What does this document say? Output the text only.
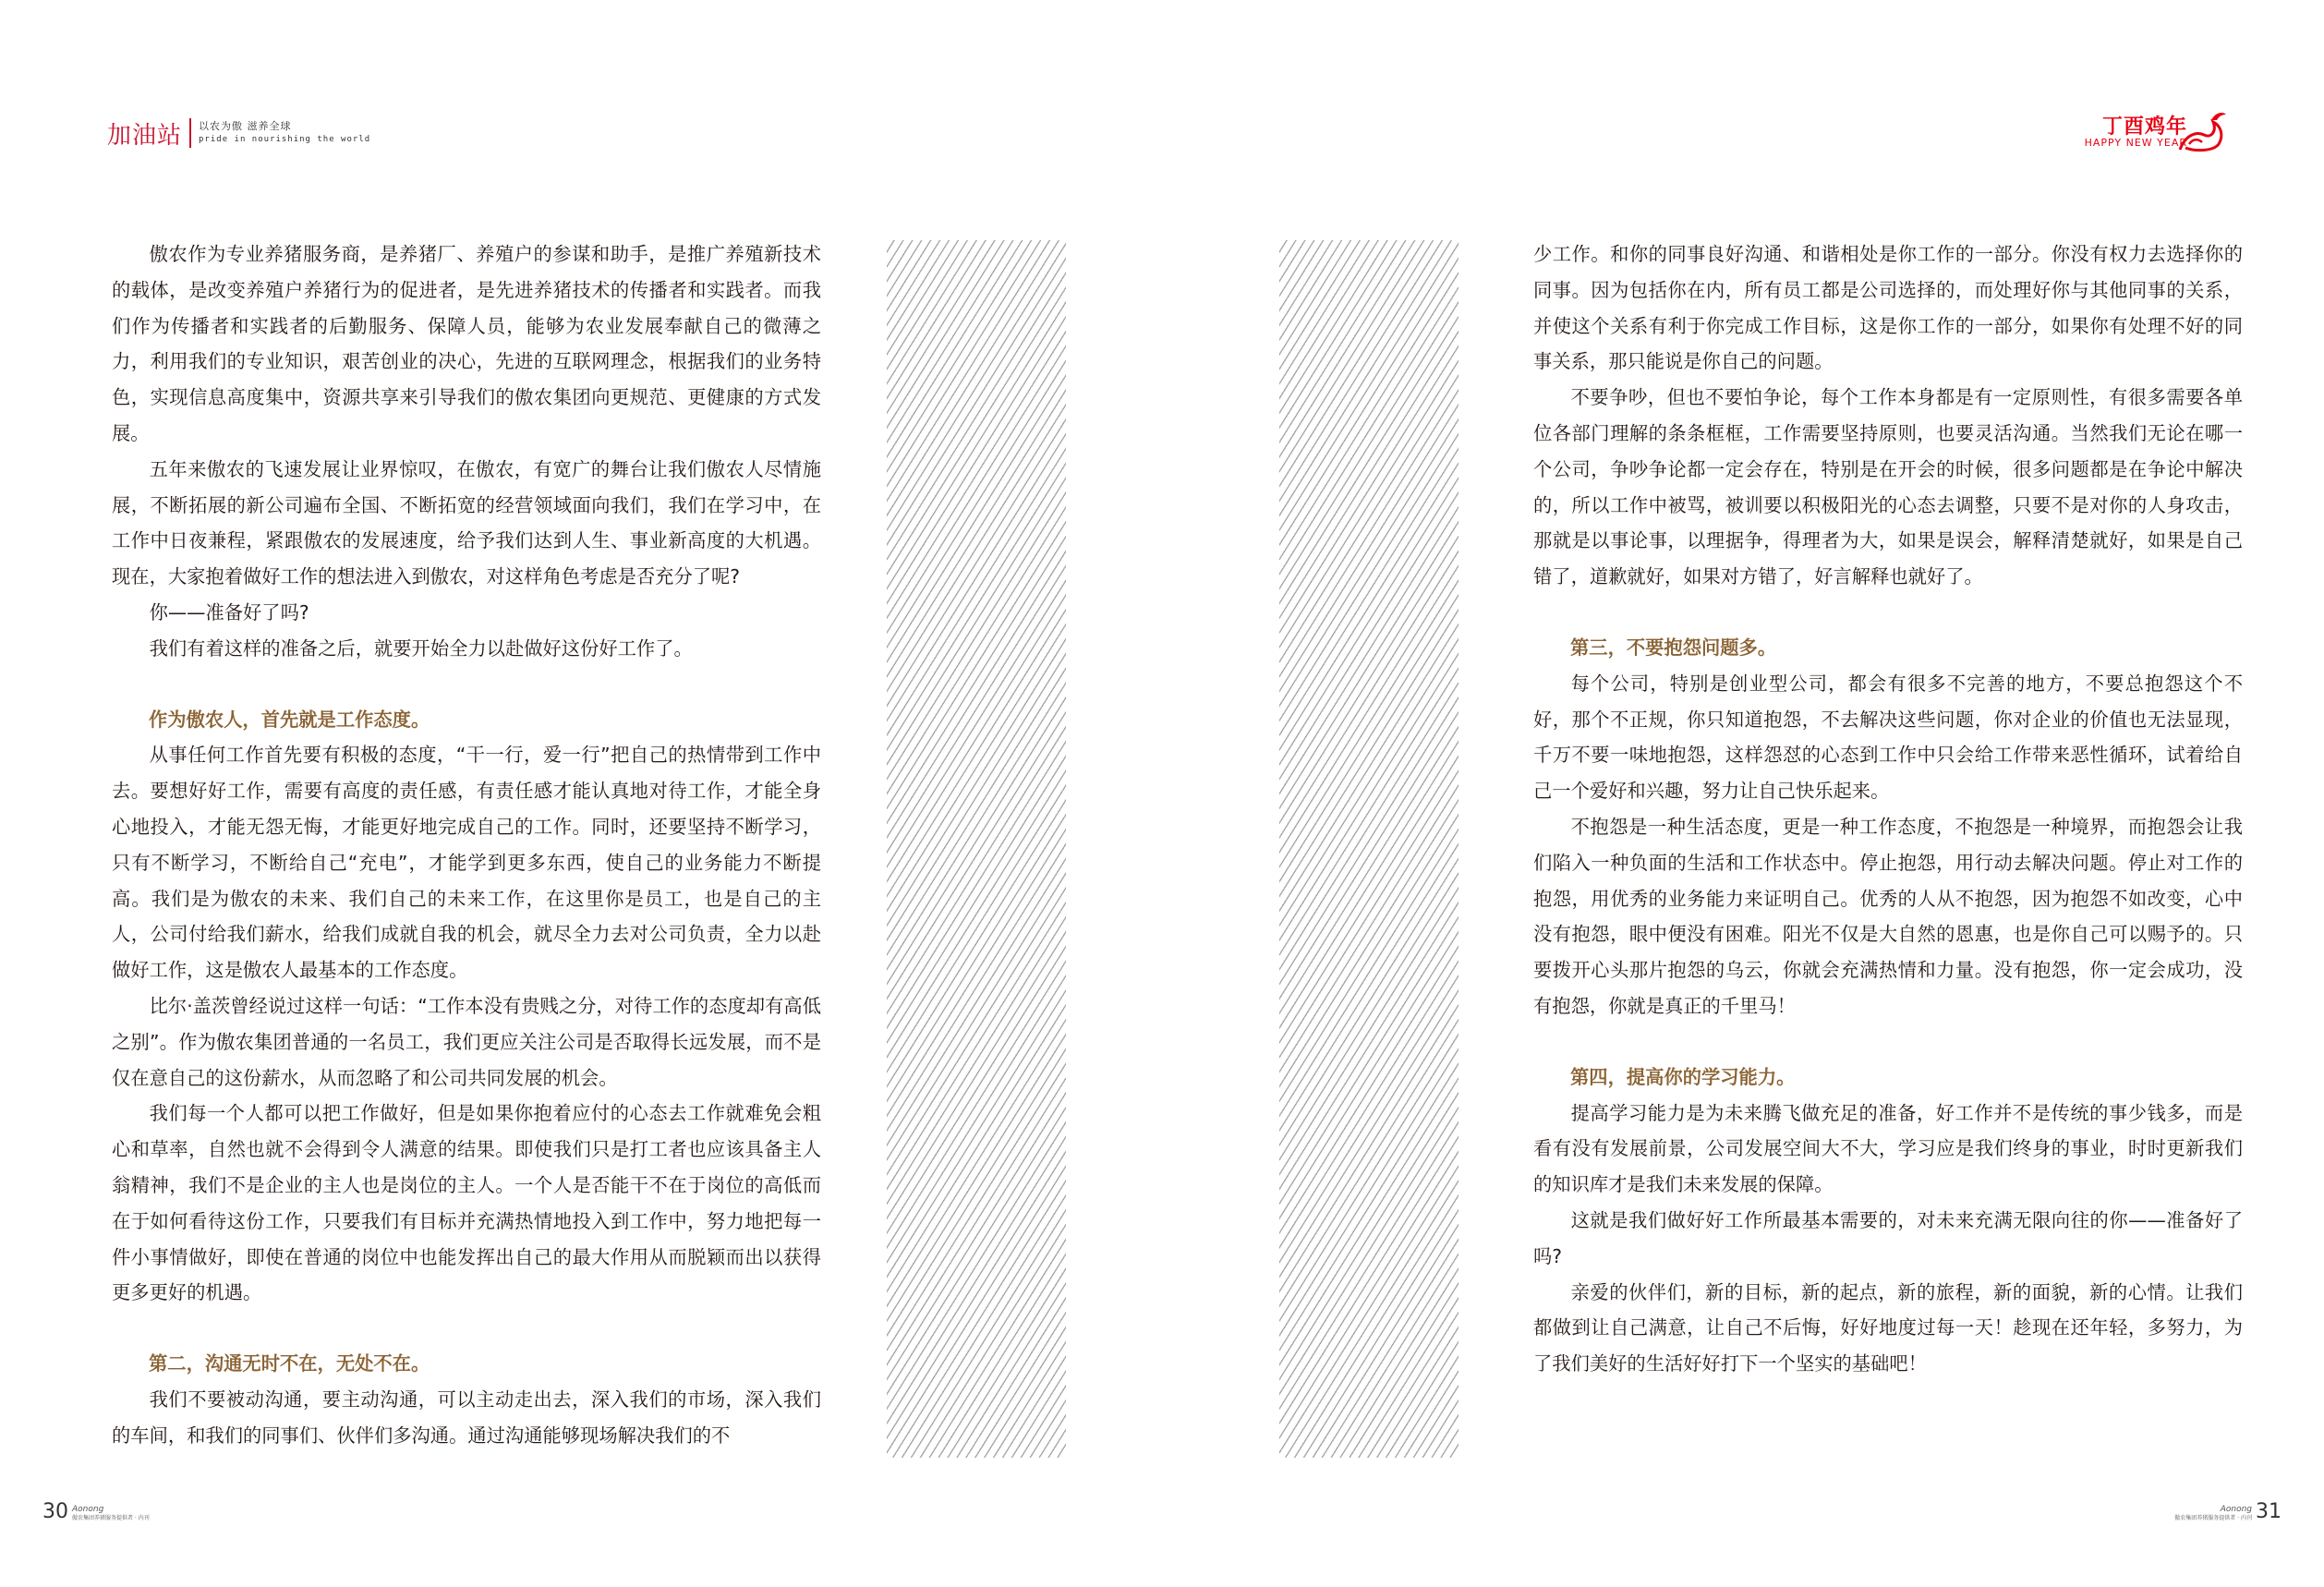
加油站 以农为傲 滋养全球
pride in nourishing the world
丁酉鸡年
HAPPY NEW YEAR

傲农作为专业养猪服务商，是养猪厂、养殖户的参谋和助手，是推广养殖新技术的载体，是改变养殖户养猪行为的促进者，是先进养猪技术的传播者和实践者。而我们作为传播者和实践者的后勤服务、保障人员，能够为农业发展奉献自己的微薄之力，利用我们的专业知识，艰苦创业的决心，先进的互联网理念，根据我们的业务特色，实现信息高度集中，资源共享来引导我们的傲农集团向更规范、更健康的方式发展。

五年来傲农的飞速发展让业界惊叹，在傲农，有宽广的舞台让我们傲农人尽情施展，不断拓展的新公司遍布全国、不断拓宽的经营领域面向我们，我们在学习中，在工作中日夜兼程，紧跟傲农的发展速度，给予我们达到人生、事业新高度的大机遇。现在，大家抱着做好工作的想法进入到傲农，对这样角色考虑是否充分了呢?

你——准备好了吗?

我们有着这样的准备之后，就要开始全力以赴做好这份好工作了。

作为傲农人，首先就是工作态度。

从事任何工作首先要有积极的态度，“干一行，爱一行”把自己的热情带到工作中去。要想好好工作，需要有高度的责任感，有责任感才能认真地对待工作，才能全身心地投入，才能无怨无悔，才能更好地完成自己的工作。同时，还要坚持不断学习，只有不断学习，不断给自己“充电”，才能学到更多东西，使自己的业务能力不断提高。我们是为傲农的未来、我们自己的未来工作，在这里你是员工，也是自己的主人，公司付给我们薪水，给我们成就自我的机会，就尽全力去对公司负责，全力以赴做好工作，这是傲农人最基本的工作态度。

比尔·盖茨曾经说过这样一句话：“工作本没有贵贱之分，对待工作的态度却有高低之别”。作为傲农集团普通的一名员工，我们更应关注公司是否取得长远发展，而不是仅在意自己的这份薪水，从而忽略了和公司共同发展的机会。

我们每一个人都可以把工作做好，但是如果你抱着应付的心态去工作就难免会粗心和草率，自然也就不会得到令人满意的结果。即使我们只是打工者也应该具备主人翁精神，我们不是企业的主人也是岗位的主人。一个人是否能干不在于岗位的高低而在于如何看待这份工作，只要我们有目标并充满热情地投入到工作中，努力地把每一件小事情做好，即使在普通的岗位中也能发挥出自己的最大作用从而脱颖而出以获得更多更好的机遇。

第二，沟通无时不在，无处不在。

我们不要被动沟通，要主动沟通，可以主动走出去，深入我们的市场，深入我们的车间，和我们的同事们、伙伴们多沟通。通过沟通能够现场解决我们的不

少工作。和你的同事良好沟通、和谐相处是你工作的一部分。你没有权力去选择你的同事。因为包括你在内，所有员工都是公司选择的，而处理好你与其他同事的关系，并使这个关系有利于你完成工作目标，这是你工作的一部分，如果你有处理不好的同事关系，那只能说是你自己的问题。

不要争吵，但也不要怕争论，每个工作本身都是有一定原则性，有很多需要各单位各部门理解的条条框框，工作需要坚持原则，也要灵活沟通。当然我们无论在哪一个公司，争吵争论都一定会存在，特别是在开会的时候，很多问题都是在争论中解决的，所以工作中被骂，被训要以积极阳光的心态去调整，只要不是对你的人身攻击，那就是以事论事，以理据争，得理者为大，如果是误会，解释清楚就好，如果是自己错了，道歉就好，如果对方错了，好言解释也就好了。

第三，不要抱怨问题多。

每个公司，特别是创业型公司，都会有很多不完善的地方，不要总抱怨这个不好，那个不正规，你只知道抱怨，不去解决这些问题，你对企业的价值也无法显现，千万不要一味地抱怨，这样怨怼的心态到工作中只会给工作带来恶性循环，试着给自己一个爱好和兴趣，努力让自己快乐起来。

不抱怨是一种生活态度，更是一种工作态度，不抱怨是一种境界，而抱怨会让我们陷入一种负面的生活和工作状态中。停止抱怨，用行动去解决问题。停止对工作的抱怨，用优秀的业务能力来证明自己。优秀的人从不抱怨，因为抱怨不如改变，心中没有抱怨，眼中便没有困难。阳光不仅是大自然的恩惠，也是你自己可以赐予的。只要拨开心头那片抱怨的乌云，你就会充满热情和力量。没有抱怨，你一定会成功，没有抱怨，你就是真正的千里马！

第四，提高你的学习能力。

提高学习能力是为未来腾飞做充足的准备，好工作并不是传统的事少钱多，而是看有没有发展前景，公司发展空间大不大，学习应是我们终身的事业，时时更新我们的知识库才是我们未来发展的保障。

这就是我们做好好工作所最基本需要的，对未来充满无限向往的你——准备好了吗?

亲爱的伙伴们，新的目标，新的起点，新的旅程，新的面貌，新的心情。让我们都做到让自己满意，让自己不后悔，好好地度过每一天！趁现在还年轻，多努力，为了我们美好的生活好好打下一个坚实的基础吧！

30 Aonong
傲农集团养猪服务提供者 · 内刊
Aonong
傲农集团养猪服务提供者 · 内刊 31
